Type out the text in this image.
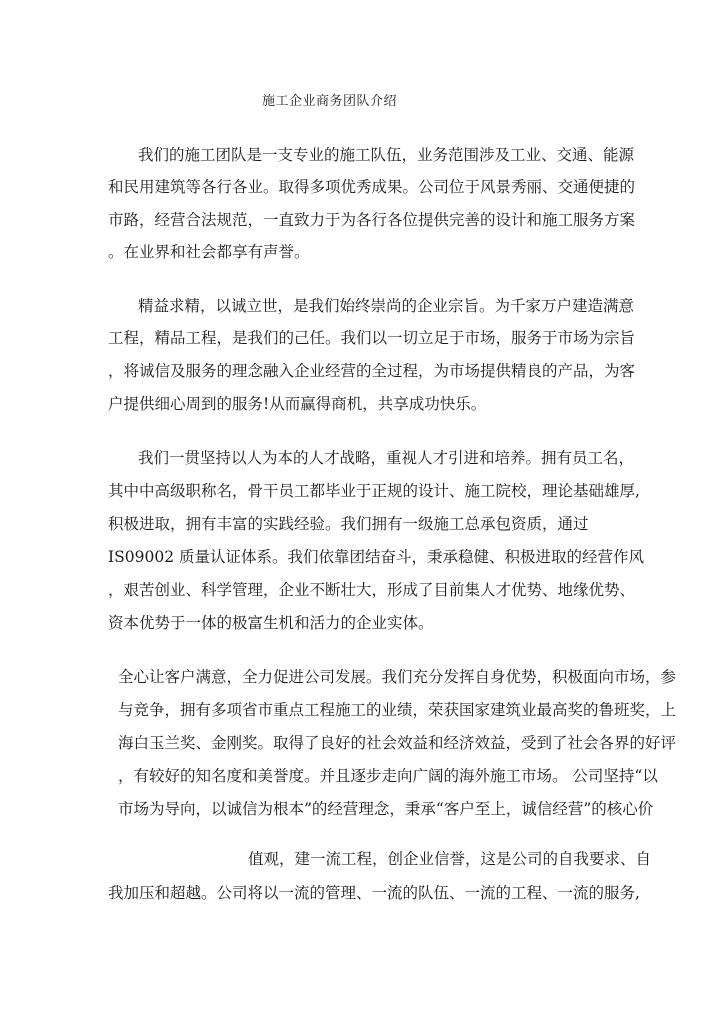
施工企业商务团队介绍
我们的施工团队是一支专业的施工队伍，业务范围涉及工业、交通、能源
和民用建筑等各行各业。取得多项优秀成果。公司位于风景秀丽、交通便捷的
市路，经营合法规范，一直致力于为各行各位提供完善的设计和施工服务方案
。在业界和社会都享有声誉。
精益求精，以诚立世，是我们始终崇尚的企业宗旨。为千家万户建造满意
工程，精品工程，是我们的己任。我们以一切立足于市场，服务于市场为宗旨
，将诚信及服务的理念融入企业经营的全过程，为市场提供精良的产品，为客
户提供细心周到的服务!从而赢得商机，共享成功快乐。
我们一贯坚持以人为本的人才战略，重视人才引进和培养。拥有员工名，
其中中高级职称名，骨干员工都毕业于正规的设计、施工院校，理论基础雄厚,
积极进取，拥有丰富的实践经验。我们拥有一级施工总承包资质，通过
IS09002 质量认证体系。我们依靠团结奋斗，秉承稳健、积极进取的经营作风
，艰苦创业、科学管理，企业不断壮大，形成了目前集人才优势、地缘优势、
资本优势于一体的极富生机和活力的企业实体。
全心让客户满意，全力促进公司发展。我们充分发挥自身优势，积极面向市场，参
与竞争，拥有多项省市重点工程施工的业绩，荣获国家建筑业最高奖的鲁班奖，上
海白玉兰奖、金刚奖。取得了良好的社会效益和经济效益，受到了社会各界的好评
，有较好的知名度和美誉度。并且逐步走向广阔的海外施工市场。 公司坚持“以
市场为导向，以诚信为根本”的经营理念，秉承“客户至上，诚信经营”的核心价
值观，建一流工程，创企业信誉，这是公司的自我要求、自
我加压和超越。公司将以一流的管理、一流的队伍、一流的工程、一流的服务,
